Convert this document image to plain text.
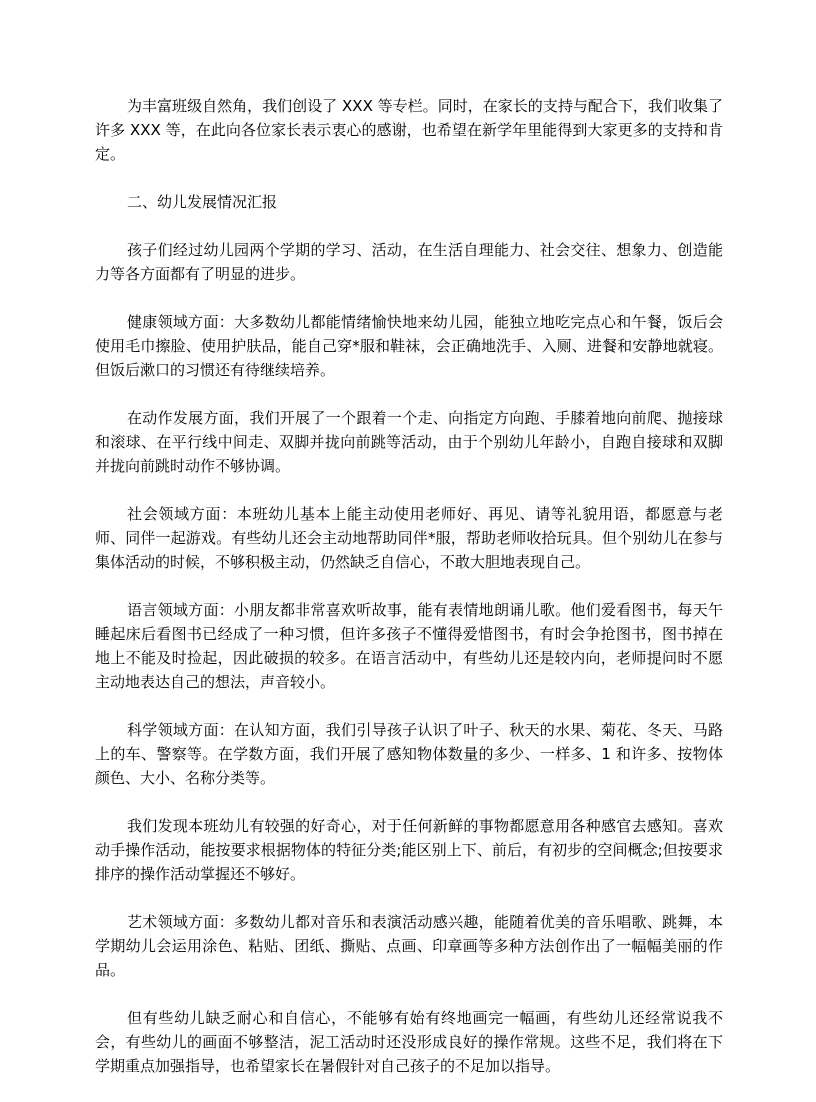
为丰富班级自然角，我们创设了 XXX 等专栏。同时，在家长的支持与配合下，我们收集了许多 XXX 等，在此向各位家长表示衷心的感谢，也希望在新学年里能得到大家更多的支持和肯定。

二、幼儿发展情况汇报

孩子们经过幼儿园两个学期的学习、活动，在生活自理能力、社会交往、想象力、创造能力等各方面都有了明显的进步。

健康领域方面：大多数幼儿都能情绪愉快地来幼儿园，能独立地吃完点心和午餐，饭后会使用毛巾擦脸、使用护肤品，能自己穿*服和鞋袜，会正确地洗手、入厕、进餐和安静地就寝。但饭后漱口的习惯还有待继续培养。

在动作发展方面，我们开展了一个跟着一个走、向指定方向跑、手膝着地向前爬、抛接球和滚球、在平行线中间走、双脚并拢向前跳等活动，由于个别幼儿年龄小，自跑自接球和双脚并拢向前跳时动作不够协调。

社会领域方面：本班幼儿基本上能主动使用老师好、再见、请等礼貌用语，都愿意与老师、同伴一起游戏。有些幼儿还会主动地帮助同伴*服，帮助老师收拾玩具。但个别幼儿在参与集体活动的时候，不够积极主动，仍然缺乏自信心，不敢大胆地表现自己。

语言领域方面：小朋友都非常喜欢听故事，能有表情地朗诵儿歌。他们爱看图书，每天午睡起床后看图书已经成了一种习惯，但许多孩子不懂得爱惜图书，有时会争抢图书，图书掉在地上不能及时捡起，因此破损的较多。在语言活动中，有些幼儿还是较内向，老师提问时不愿主动地表达自己的想法，声音较小。

科学领域方面：在认知方面，我们引导孩子认识了叶子、秋天的水果、菊花、冬天、马路上的车、警察等。在学数方面，我们开展了感知物体数量的多少、一样多、1 和许多、按物体颜色、大小、名称分类等。

我们发现本班幼儿有较强的好奇心，对于任何新鲜的事物都愿意用各种感官去感知。喜欢动手操作活动，能按要求根据物体的特征分类;能区别上下、前后，有初步的空间概念;但按要求排序的操作活动掌握还不够好。

艺术领域方面：多数幼儿都对音乐和表演活动感兴趣，能随着优美的音乐唱歌、跳舞，本学期幼儿会运用涂色、粘贴、团纸、撕贴、点画、印章画等多种方法创作出了一幅幅美丽的作品。

但有些幼儿缺乏耐心和自信心，不能够有始有终地画完一幅画，有些幼儿还经常说我不会，有些幼儿的画面不够整洁，泥工活动时还没形成良好的操作常规。这些不足，我们将在下学期重点加强指导，也希望家长在暑假针对自己孩子的不足加以指导。
